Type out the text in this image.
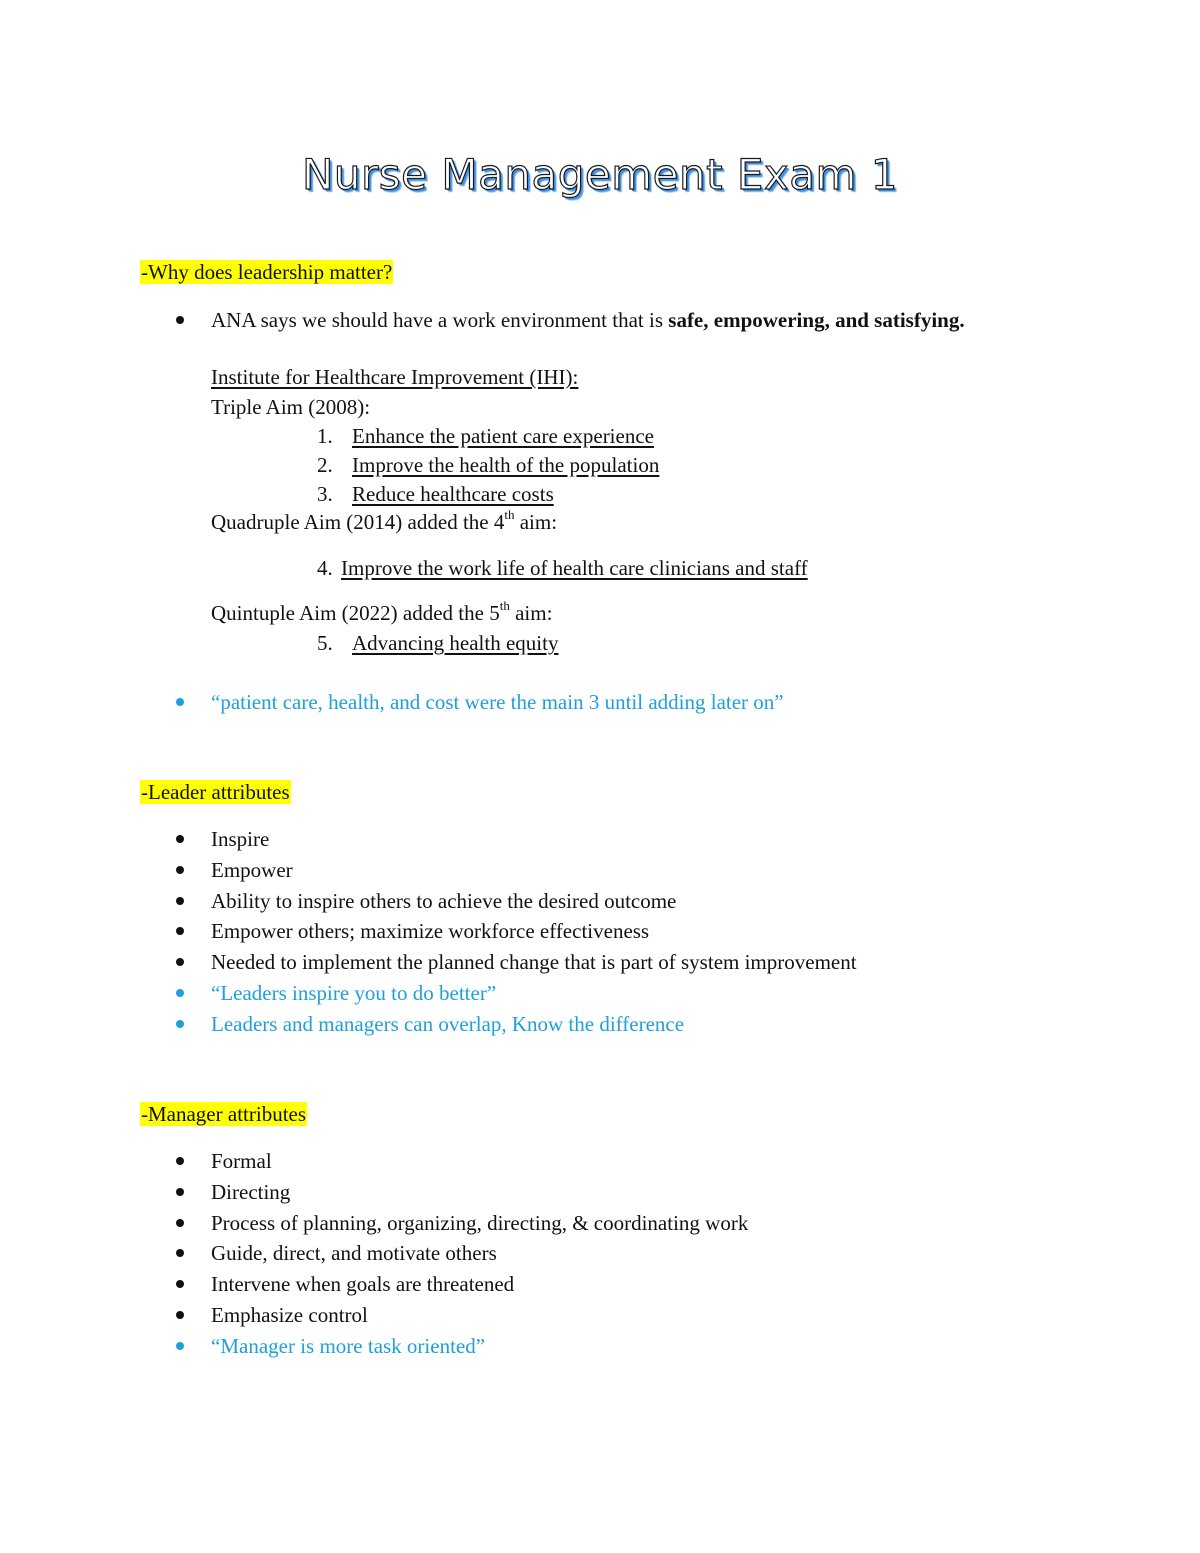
Nurse Management Exam 1
-Why does leadership matter?
ANA says we should have a work environment that is safe, empowering, and satisfying.
Institute for Healthcare Improvement (IHI):
Triple Aim (2008):
1. Enhance the patient care experience
2. Improve the health of the population
3. Reduce healthcare costs
Quadruple Aim (2014) added the 4th aim:
4. Improve the work life of health care clinicians and staff
Quintuple Aim (2022) added the 5th aim:
5. Advancing health equity
“patient care, health, and cost were the main 3 until adding later on”
-Leader attributes
Inspire
Empower
Ability to inspire others to achieve the desired outcome
Empower others; maximize workforce effectiveness
Needed to implement the planned change that is part of system improvement
“Leaders inspire you to do better”
Leaders and managers can overlap, Know the difference
-Manager attributes
Formal
Directing
Process of planning, organizing, directing, & coordinating work
Guide, direct, and motivate others
Intervene when goals are threatened
Emphasize control
“Manager is more task oriented”
